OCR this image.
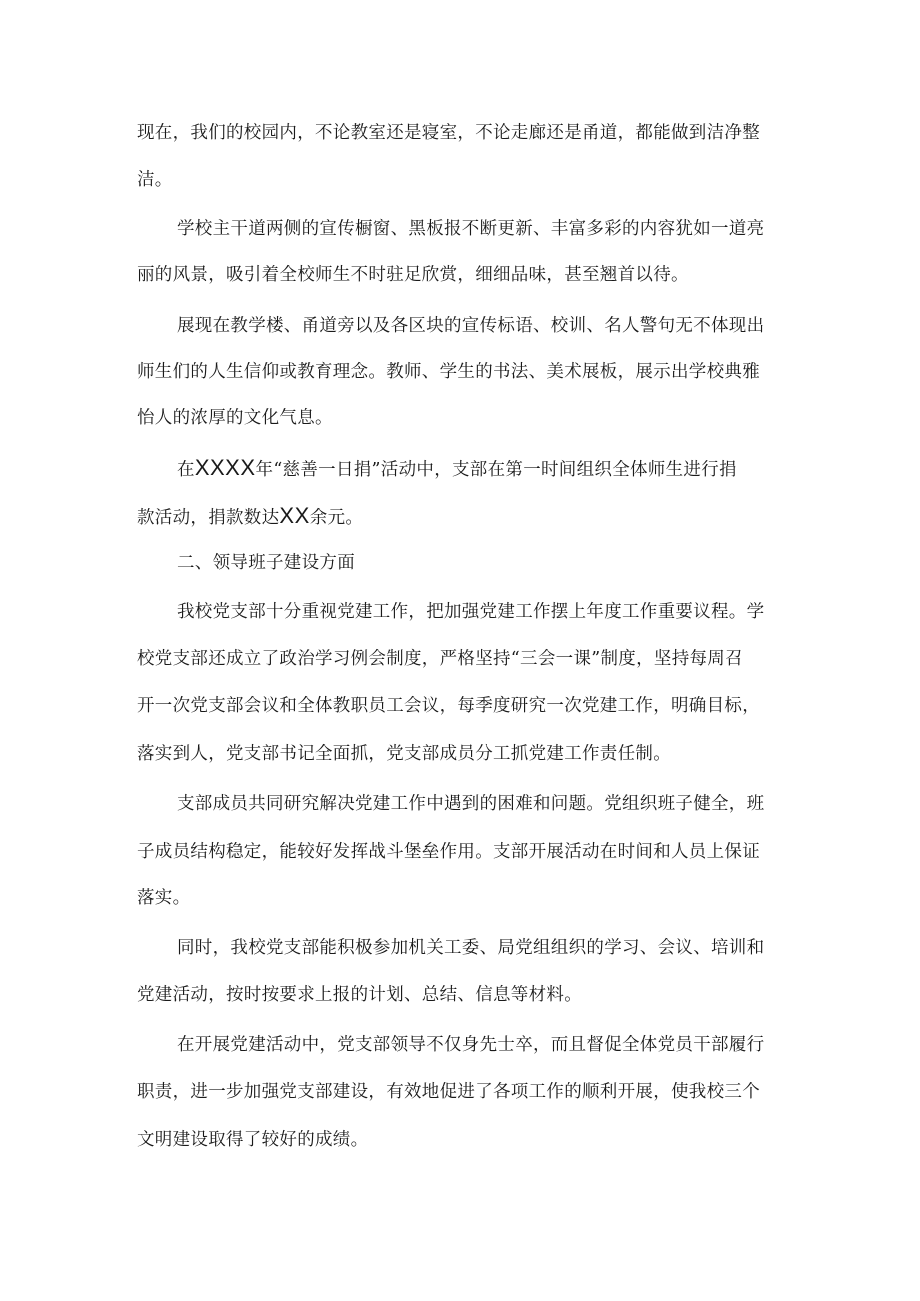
现在，我们的校园内，不论教室还是寝室，不论走廊还是甬道，都能做到洁净整
洁。
学校主干道两侧的宣传橱窗、黑板报不断更新、丰富多彩的内容犹如一道亮
丽的风景，吸引着全校师生不时驻足欣赏，细细品味，甚至翘首以待。
展现在教学楼、甬道旁以及各区块的宣传标语、校训、名人警句无不体现出
师生们的人生信仰或教育理念。教师、学生的书法、美术展板，展示出学校典雅
怡人的浓厚的文化气息。
在XXXX年“慈善一日捐”活动中，支部在第一时间组织全体师生进行捐
款活动，捐款数达XX余元。
二、领导班子建设方面
我校党支部十分重视党建工作，把加强党建工作摆上年度工作重要议程。学
校党支部还成立了政治学习例会制度，严格坚持“三会一课”制度，坚持每周召
开一次党支部会议和全体教职员工会议，每季度研究一次党建工作，明确目标，
落实到人，党支部书记全面抓，党支部成员分工抓党建工作责任制。
支部成员共同研究解决党建工作中遇到的困难和问题。党组织班子健全，班
子成员结构稳定，能较好发挥战斗堡垒作用。支部开展活动在时间和人员上保证
落实。
同时，我校党支部能积极参加机关工委、局党组组织的学习、会议、培训和
党建活动，按时按要求上报的计划、总结、信息等材料。
在开展党建活动中，党支部领导不仅身先士卒，而且督促全体党员干部履行
职责，进一步加强党支部建设，有效地促进了各项工作的顺利开展，使我校三个
文明建设取得了较好的成绩。
